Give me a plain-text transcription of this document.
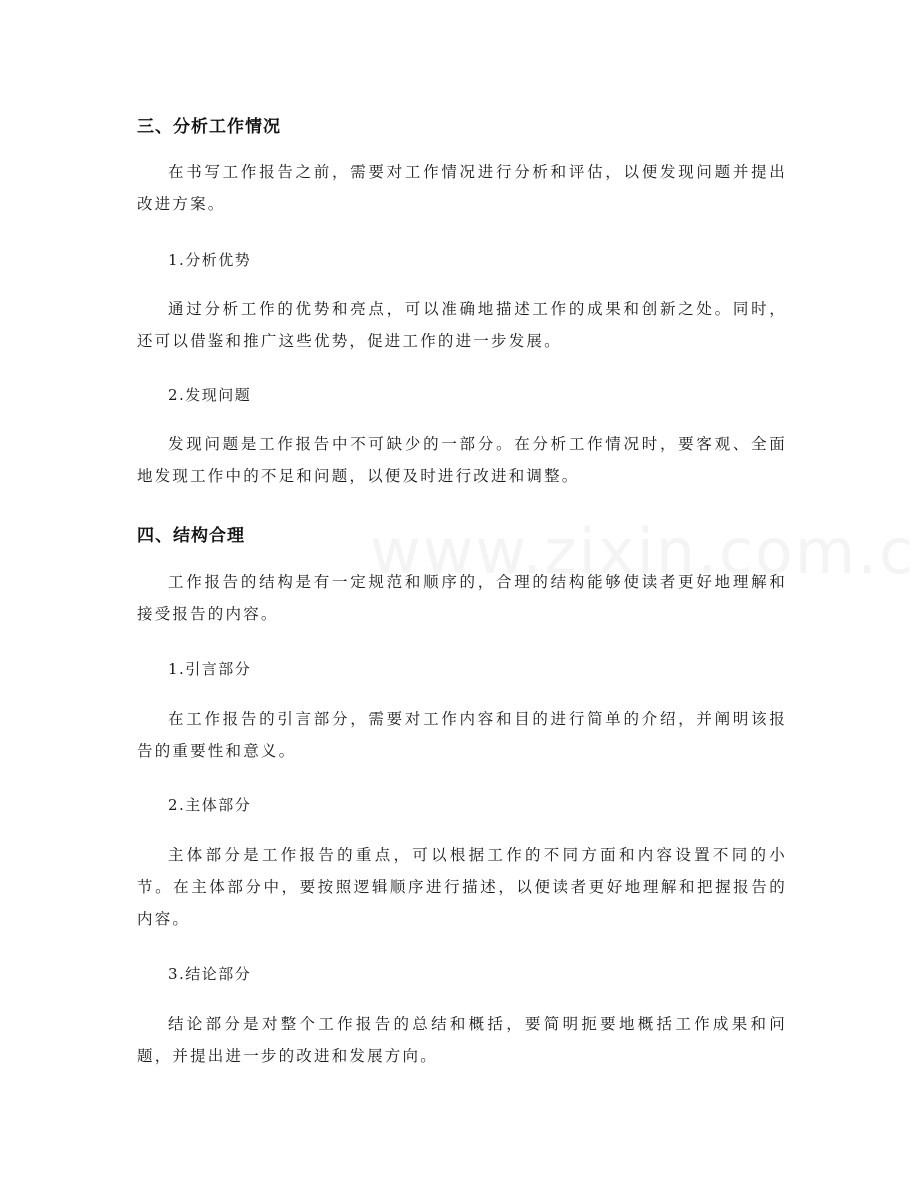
三、分析工作情况
在书写工作报告之前，需要对工作情况进行分析和评估，以便发现问题并提出改进方案。
1.分析优势
通过分析工作的优势和亮点，可以准确地描述工作的成果和创新之处。同时，还可以借鉴和推广这些优势，促进工作的进一步发展。
2.发现问题
发现问题是工作报告中不可缺少的一部分。在分析工作情况时，要客观、全面地发现工作中的不足和问题，以便及时进行改进和调整。
四、结构合理
工作报告的结构是有一定规范和顺序的，合理的结构能够使读者更好地理解和接受报告的内容。
1.引言部分
在工作报告的引言部分，需要对工作内容和目的进行简单的介绍，并阐明该报告的重要性和意义。
2.主体部分
主体部分是工作报告的重点，可以根据工作的不同方面和内容设置不同的小节。在主体部分中，要按照逻辑顺序进行描述，以便读者更好地理解和把握报告的内容。
3.结论部分
结论部分是对整个工作报告的总结和概括，要简明扼要地概括工作成果和问题，并提出进一步的改进和发展方向。
